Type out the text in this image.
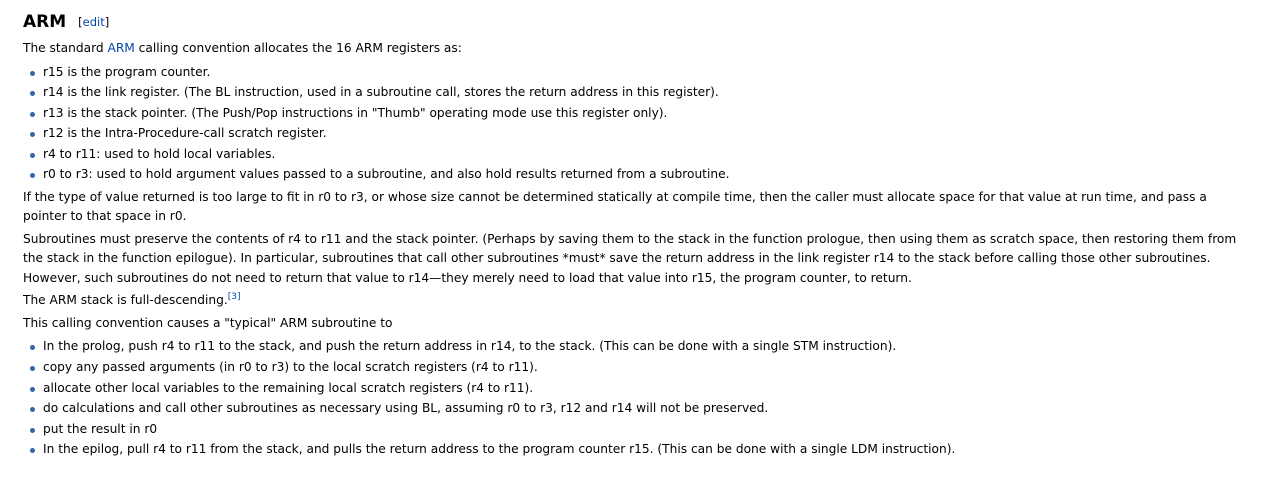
ARM [edit]

The standard ARM calling convention allocates the 16 ARM registers as:

r15 is the program counter.
r14 is the link register. (The BL instruction, used in a subroutine call, stores the return address in this register).
r13 is the stack pointer. (The Push/Pop instructions in "Thumb" operating mode use this register only).
r12 is the Intra-Procedure-call scratch register.
r4 to r11: used to hold local variables.
r0 to r3: used to hold argument values passed to a subroutine, and also hold results returned from a subroutine.

If the type of value returned is too large to fit in r0 to r3, or whose size cannot be determined statically at compile time, then the caller must allocate space for that value at run time, and pass a pointer to that space in r0.

Subroutines must preserve the contents of r4 to r11 and the stack pointer. (Perhaps by saving them to the stack in the function prologue, then using them as scratch space, then restoring them from the stack in the function epilogue). In particular, subroutines that call other subroutines *must* save the return address in the link register r14 to the stack before calling those other subroutines. However, such subroutines do not need to return that value to r14—they merely need to load that value into r15, the program counter, to return.

The ARM stack is full-descending.[3]

This calling convention causes a "typical" ARM subroutine to

In the prolog, push r4 to r11 to the stack, and push the return address in r14, to the stack. (This can be done with a single STM instruction).
copy any passed arguments (in r0 to r3) to the local scratch registers (r4 to r11).
allocate other local variables to the remaining local scratch registers (r4 to r11).
do calculations and call other subroutines as necessary using BL, assuming r0 to r3, r12 and r14 will not be preserved.
put the result in r0
In the epilog, pull r4 to r11 from the stack, and pulls the return address to the program counter r15. (This can be done with a single LDM instruction).
